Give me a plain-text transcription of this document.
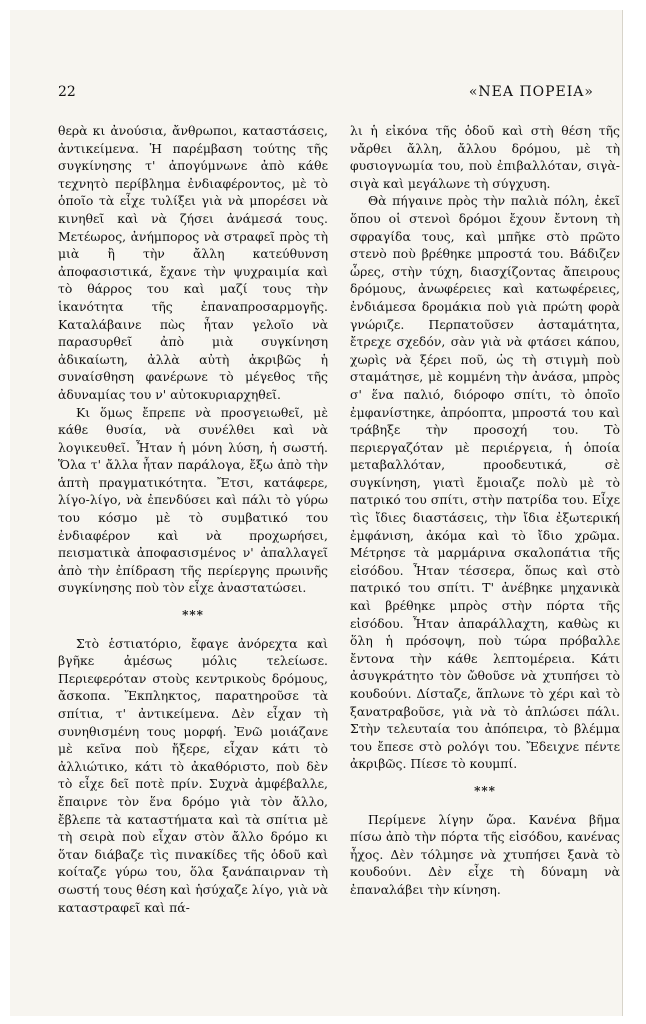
22	«ΝΕΑ ΠΟΡΕΙΑ»

θερὰ κι ἀνούσια, ἄνθρωποι, καταστάσεις, ἀντικείμενα. Ἡ παρέμβαση τούτης τῆς συγκίνησης τ' ἀπογύμνωνε ἀπὸ κάθε τεχνητὸ περίβλημα ἐνδιαφέροντος, μὲ τὸ ὁποῖο τὰ εἶχε τυλίξει γιὰ νὰ μπορέσει νὰ κινηθεῖ καὶ νὰ ζήσει ἀνάμεσά τους. Μετέωρος, ἀνήμπορος νὰ στραφεῖ πρὸς τὴ μιὰ ἢ τὴν ἄλλη κατεύθυνση ἀποφασιστικά, ἔχανε τὴν ψυχραιμία καὶ τὸ θάρρος του καὶ μαζί τους τὴν ἱκανότητα τῆς ἐπαναπροσαρμογῆς. Καταλάβαινε πὼς ἦταν γελοῖο νὰ παρασυρθεῖ ἀπὸ μιὰ συγκίνηση ἀδικαίωτη, ἀλλὰ αὐτὴ ἀκριβῶς ἡ συναίσθηση φανέρωνε τὸ μέγεθος τῆς ἀδυναμίας του ν' αὐτοκυριαρχηθεῖ.

Κι ὅμως ἔπρεπε νὰ προσγειωθεῖ, μὲ κάθε θυσία, νὰ συνέλθει καὶ νὰ λογικευθεῖ. Ἦταν ἡ μόνη λύση, ἡ σωστή. Ὅλα τ' ἄλλα ἦταν παράλογα, ἔξω ἀπὸ τὴν ἁπτὴ πραγματικότητα. Ἔτσι, κατάφερε, λίγο-λίγο, νὰ ἐπενδύσει καὶ πάλι τὸ γύρω του κόσμο μὲ τὸ συμβατικό του ἐνδιαφέρον καὶ νὰ προχωρήσει, πεισματικὰ ἀποφασισμένος ν' ἀπαλλαγεῖ ἀπὸ τὴν ἐπίδραση τῆς περίεργης πρωινῆς συγκίνησης ποὺ τὸν εἶχε ἀναστατώσει.

***

Στὸ ἑστιατόριο, ἔφαγε ἀνόρεχτα καὶ βγῆκε ἀμέσως μόλις τελείωσε. Περιεφερόταν στοὺς κεντρικοὺς δρόμους, ἄσκοπα. Ἔκπληκτος, παρατηροῦσε τὰ σπίτια, τ' ἀντικείμενα. Δὲν εἶχαν τὴ συνηθισμένη τους μορφή. Ἐνῶ μοιάζανε μὲ κεῖνα ποὺ ἤξερε, εἶχαν κάτι τὸ ἀλλιώτικο, κάτι τὸ ἀκαθόριστο, ποὺ δὲν τὸ εἶχε δεῖ ποτὲ πρίν. Συχνὰ ἀμφέβαλλε, ἔπαιρνε τὸν ἕνα δρόμο γιὰ τὸν ἄλλο, ἔβλεπε τὰ καταστήματα καὶ τὰ σπίτια μὲ τὴ σειρὰ ποὺ εἶχαν στὸν ἄλλο δρόμο κι ὅταν διάβαζε τὶς πινακίδες τῆς ὁδοῦ καὶ κοίταζε γύρω του, ὅλα ξανάπαιρναν τὴ σωστή τους θέση καὶ ἡσύχαζε λίγο, γιὰ νὰ καταστραφεῖ καὶ πά-

λι ἡ εἰκόνα τῆς ὁδοῦ καὶ στὴ θέση τῆς νἄρθει ἄλλη, ἄλλου δρόμου, μὲ τὴ φυσιογνωμία του, ποὺ ἐπιβαλλόταν, σιγὰ-σιγὰ καὶ μεγάλωνε τὴ σύγχυση.

Θὰ πήγαινε πρὸς τὴν παλιὰ πόλη, ἐκεῖ ὅπου οἱ στενοὶ δρόμοι ἔχουν ἔντονη τὴ σφραγίδα τους, καὶ μπῆκε στὸ πρῶτο στενὸ ποὺ βρέθηκε μπροστά του. Βάδιζεν ὧρες, στὴν τύχη, διασχίζοντας ἄπειρους δρόμους, ἀνωφέρειες καὶ κατωφέρειες, ἐνδιάμεσα δρομάκια ποὺ γιὰ πρώτη φορὰ γνώριζε. Περπατοῦσεν ἀσταμάτητα, ἔτρεχε σχεδόν, σὰν γιὰ νὰ φτάσει κάπου, χωρὶς νὰ ξέρει ποῦ, ὡς τὴ στιγμὴ ποὺ σταμάτησε, μὲ κομμένη τὴν ἀνάσα, μπρὸς σ' ἕνα παλιό, διόροφο σπίτι, τὸ ὁποῖο ἐμφανίστηκε, ἀπρόοπτα, μπροστά του καὶ τράβηξε τὴν προσοχή του. Τὸ περιεργαζόταν μὲ περιέργεια, ἡ ὁποία μεταβαλλόταν, προοδευτικά, σὲ συγκίνηση, γιατὶ ἔμοιαζε πολὺ μὲ τὸ πατρικό του σπίτι, στὴν πατρίδα του. Εἶχε τὶς ἴδιες διαστάσεις, τὴν ἴδια ἐξωτερική ἐμφάνιση, ἀκόμα καὶ τὸ ἴδιο χρῶμα. Μέτρησε τὰ μαρμάρινα σκαλοπάτια τῆς εἰσόδου. Ἦταν τέσσερα, ὅπως καὶ στὸ πατρικό του σπίτι. Τ' ἀνέβηκε μηχανικὰ καὶ βρέθηκε μπρὸς στὴν πόρτα τῆς εἰσόδου. Ἦταν ἀπαράλλαχτη, καθὼς κι ὅλη ἡ πρόσοψη, ποὺ τώρα πρόβαλλε ἔντονα τὴν κάθε λεπτομέρεια. Κάτι ἀσυγκράτητο τὸν ὤθοῦσε νὰ χτυπήσει τὸ κουδούνι. Δίσταζε, ἅπλωνε τὸ χέρι καὶ τὸ ξανατραβοῦσε, γιὰ νὰ τὸ ἁπλώσει πάλι. Στὴν τελευταία του ἀπόπειρα, τὸ βλέμμα του ἔπεσε στὸ ρολόγι του. Ἔδειχνε πέντε ἀκριβῶς. Πίεσε τὸ κουμπί.

***

Περίμενε λίγην ὥρα. Κανένα βῆμα πίσω ἀπὸ τὴν πόρτα τῆς εἰσόδου, κανένας ἦχος. Δὲν τόλμησε νὰ χτυπήσει ξανὰ τὸ κουδούνι. Δὲν εἶχε τὴ δύναμη νὰ ἐπαναλάβει τὴν κίνηση.
